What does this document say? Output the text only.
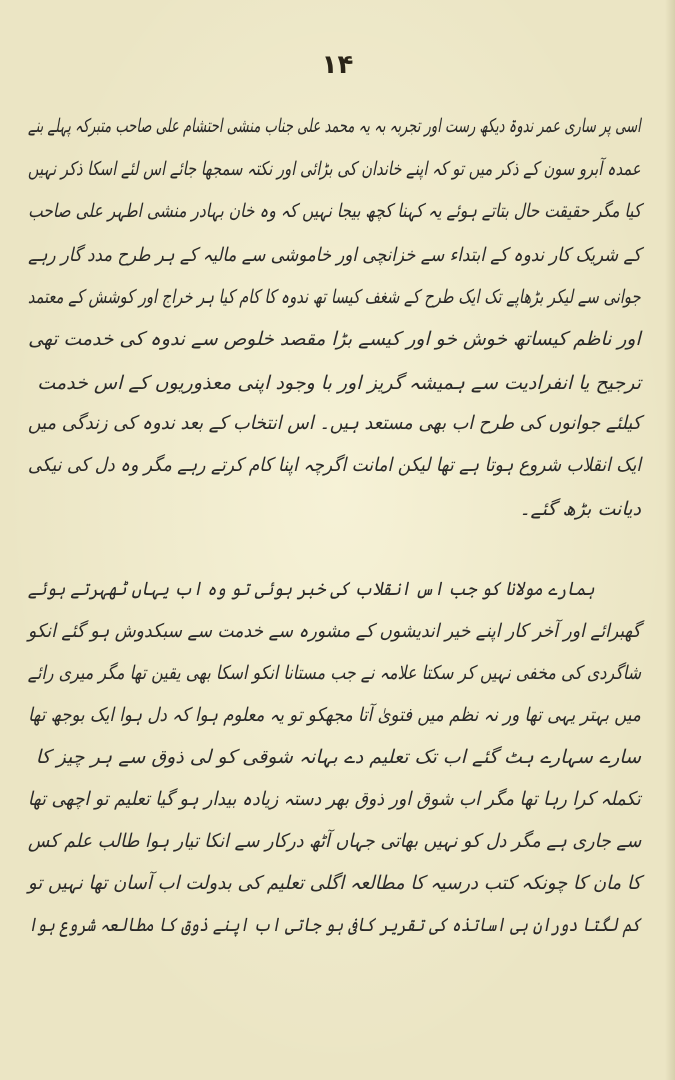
۱۴
اسی پر ساری عمر ندوۃ دیکھ رست اور تجربہ بہ یہ محمد علی جناب منشی احتشام علی صاحب متبرکہ پہلے بنے
عمدہ آبرو سون کے ذکر میں تو کہ اپنے خاندان کی بڑائی اور نکتہ سمجھا جائے اس لئے اسکا ذکر نہیں
کیا مگر حقیقت حال بتاتے ہوئے یہ کہنا کچھ بیجا نہیں کہ وہ خان بہادر منشی اطہر علی صاحب
کے شریک کار ندوہ کے ابتداء سے خزانچی اور خاموشی سے مالیہ کے ہر طرح مدد گار رہے
جوانی سے لیکر بڑھاپے تک ایک طرح کے شغف کیسا تھ ندوہ کا کام کیا ہر خراج اور کوشش کے معتمد
اور ناظم کیساتھ خوش خو اور کیسے بڑا مقصد خلوص سے ندوہ کی خدمت تھی
ترجیح یا انفرادیت سے ہمیشہ گریز اور با وجود اپنی معذوریوں کے اس خدمت
کیلئے جوانوں کی طرح اب بھی مستعد ہیں۔ اس انتخاب کے بعد ندوہ کی زندگی میں
ایک انقلاب شروع ہوتا ہے تھا لیکن امانت اگرچہ اپنا کام کرتے رہے مگر وہ دل کی نیکی
دیانت بڑھ گئے۔
ہمارے مولانا کو جب اس انقلاب کی خبر ہوئی تو وہ اب یہاں ٹھہرتے ہوئے
گھبرائے اور آخر کار اپنے خیر اندیشوں کے مشورہ سے خدمت سے سبکدوش ہو گئے انکو
شاگردی کی مخفی نہیں کر سکتا علامہ نے جب مستانا انکو اسکا بھی یقین تھا مگر میری رائے
میں بہتر یہی تھا ور نہ نظم میں فتویٰ آتا مجھکو تو یہ معلوم ہوا کہ دل ہوا ایک بوجھ تھا
سارے سہارے ہٹ گئے اب تک تعلیم دے بہانہ شوقی کو لی ذوق سے ہر چیز کا
تکملہ کرا رہا تھا مگر اب شوق اور ذوق بھر دستہ زیادہ بیدار ہو گیا تعلیم تو اچھی تھا
سے جاری ہے مگر دل کو نہیں بھاتی جہاں آٹھ درکار سے انکا تیار ہوا طالب علم کس
کا مان کا چونکہ کتب درسیہ کا مطالعہ اگلی تعلیم کی بدولت اب آسان تھا نہیں تو
کم لگتا دوران ہی اساتذہ کی تقریر کافی ہو جاتی اب اپنے ذوق کا مطالعہ شروع ہوا
